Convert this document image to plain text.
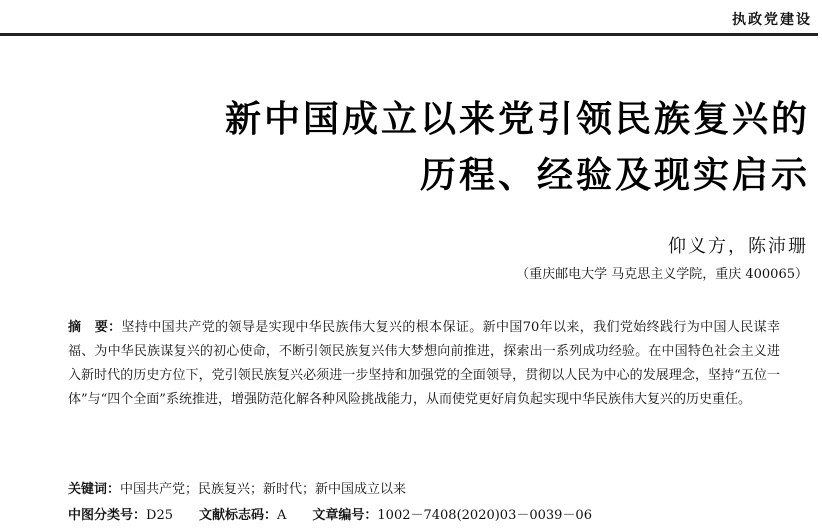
执政党建设
新中国成立以来党引领民族复兴的
历程、经验及现实启示
仰义方，陈沛珊
（重庆邮电大学 马克思主义学院，重庆 400065）

摘　要：坚持中国共产党的领导是实现中华民族伟大复兴的根本保证。新中国70年以来，我们党始终践行为中国人民谋幸福、为中华民族谋复兴的初心使命，不断引领民族复兴伟大梦想向前推进，探索出一系列成功经验。在中国特色社会主义进入新时代的历史方位下，党引领民族复兴必须进一步坚持和加强党的全面领导，贯彻以人民为中心的发展理念，坚持“五位一体”与“四个全面”系统推进，增强防范化解各种风险挑战能力，从而使党更好肩负起实现中华民族伟大复兴的历史重任。

关键词：中国共产党；民族复兴；新时代；新中国成立以来
中图分类号：D25 文献标志码：A 文章编号：1002－7408(2020)03－0039－06
